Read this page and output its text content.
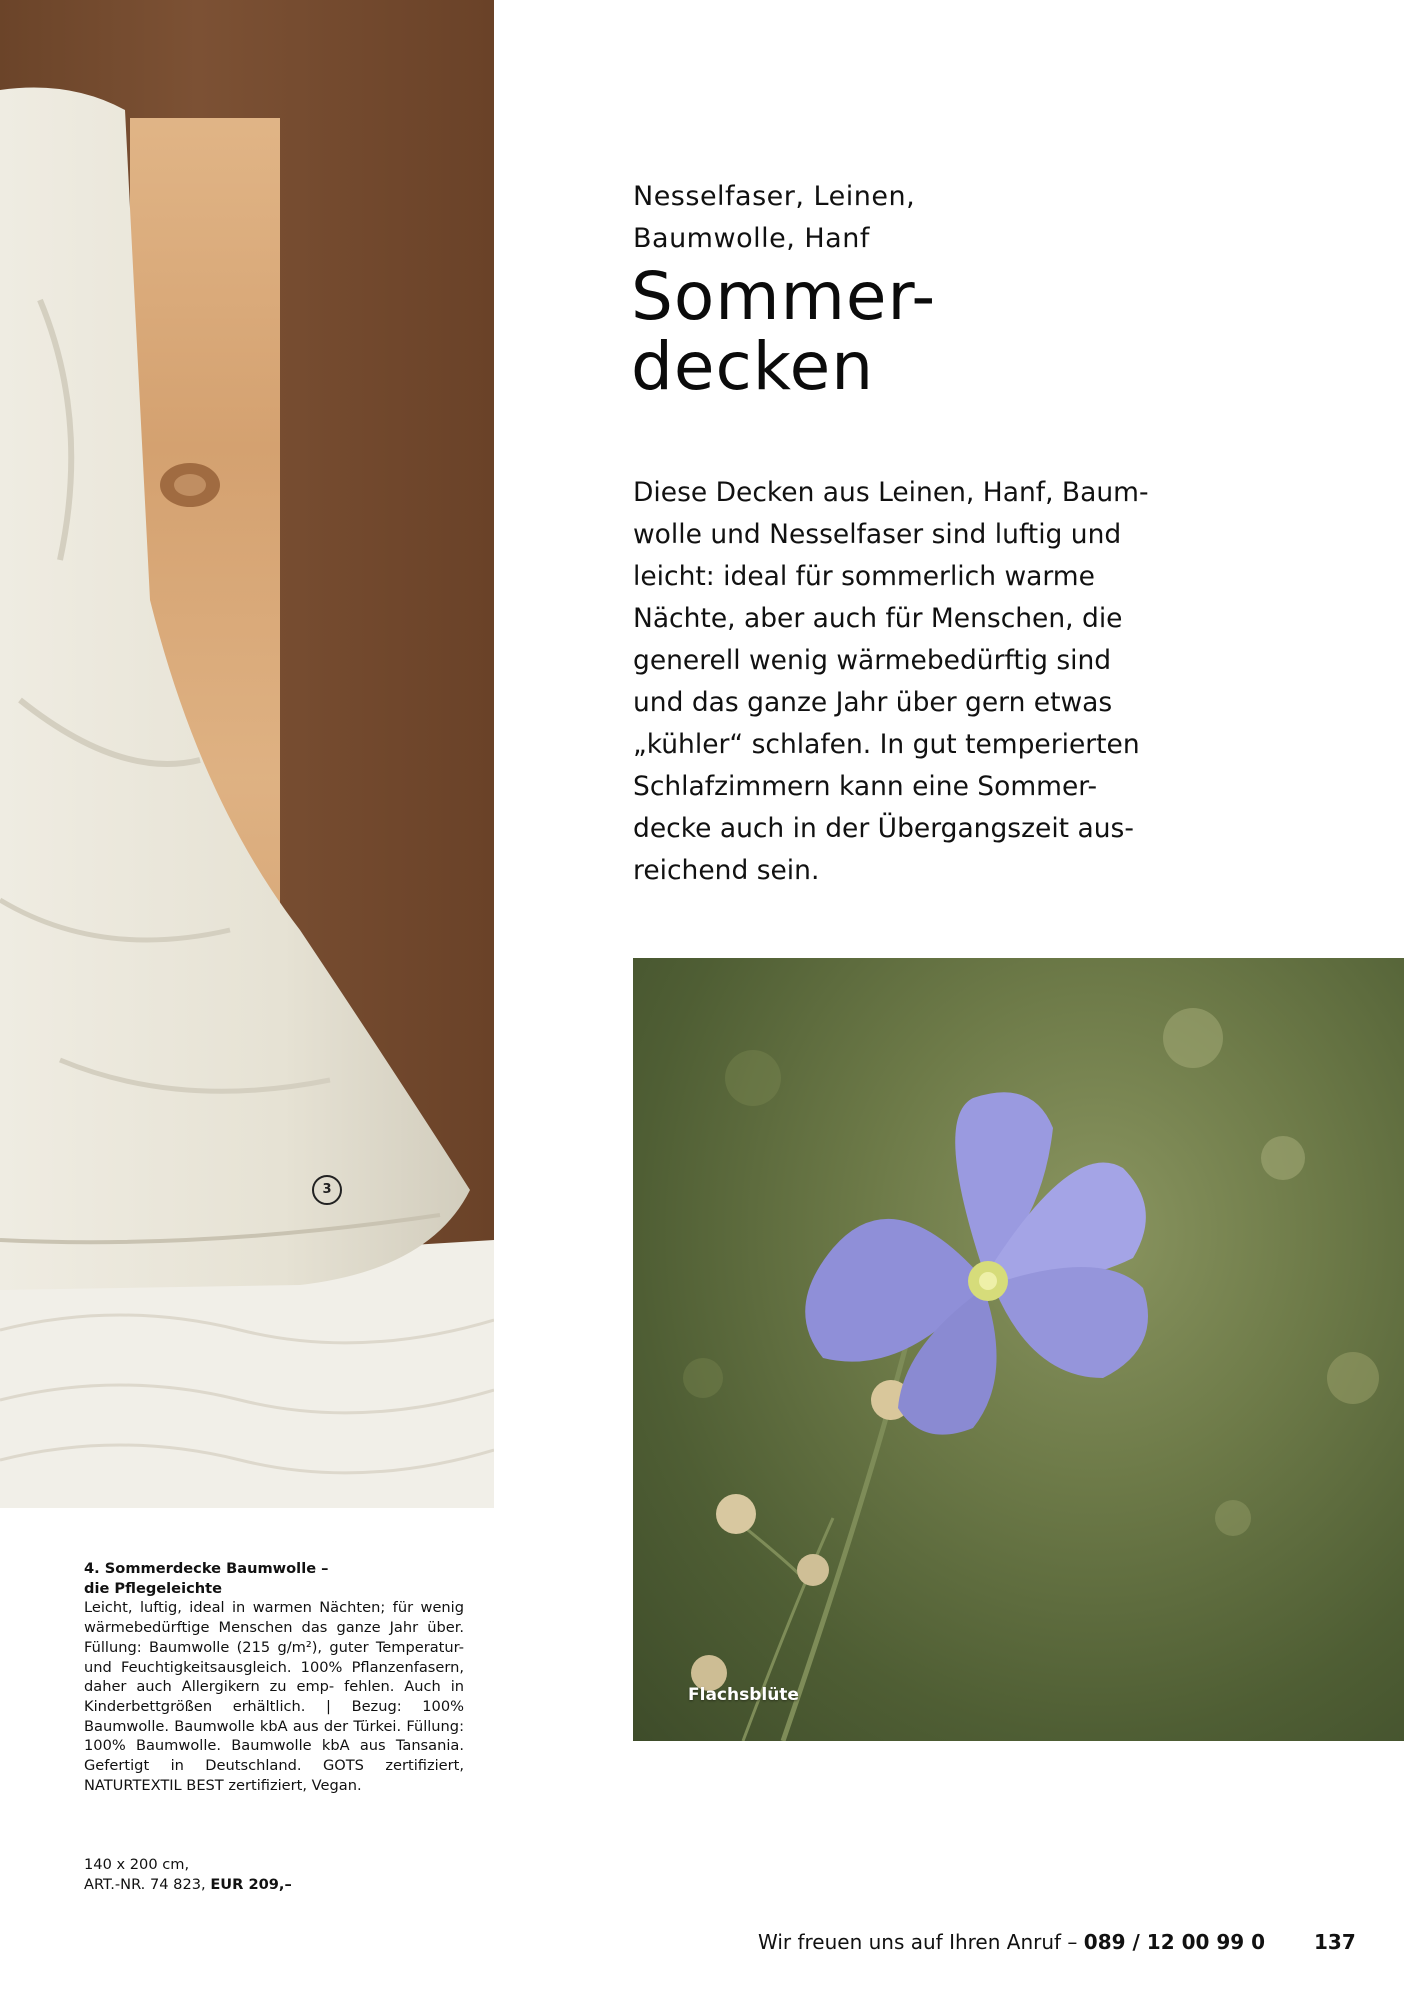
3
Nesselfaser, Leinen,
Baumwolle, Hanf
Sommer-
decken
Diese Decken aus Leinen, Hanf, Baum-
wolle und Nesselfaser sind luftig und
leicht: ideal für sommerlich warme
Nächte, aber auch für Menschen, die
generell wenig wärmebedürftig sind
und das ganze Jahr über gern etwas
„kühler“ schlafen. In gut temperierten
Schlafzimmern kann eine Sommer-
decke auch in der Übergangszeit aus-
reichend sein.
Flachsblüte
4. Sommerdecke Baumwolle –
die Pflegeleichte
Leicht, luftig, ideal in warmen Nächten; für wenig wärmebedürftige Menschen das ganze Jahr über. Füllung: Baumwolle (215 g/m²), guter Temperatur- und Feuchtigkeitsausgleich. 100% Pflanzenfasern, daher auch Allergikern zu emp- fehlen. Auch in Kinderbettgrößen erhältlich. | Bezug: 100% Baumwolle. Baumwolle kbA aus der Türkei. Füllung: 100% Baumwolle. Baumwolle kbA aus Tansania. Gefertigt in Deutschland. GOTS zertifiziert, NATURTEXTIL BEST zertifiziert, Vegan.
140 x 200 cm,
ART.-NR. 74 823, EUR 209,–
Wir freuen uns auf Ihren Anruf – 089 / 12 00 99 0 137
